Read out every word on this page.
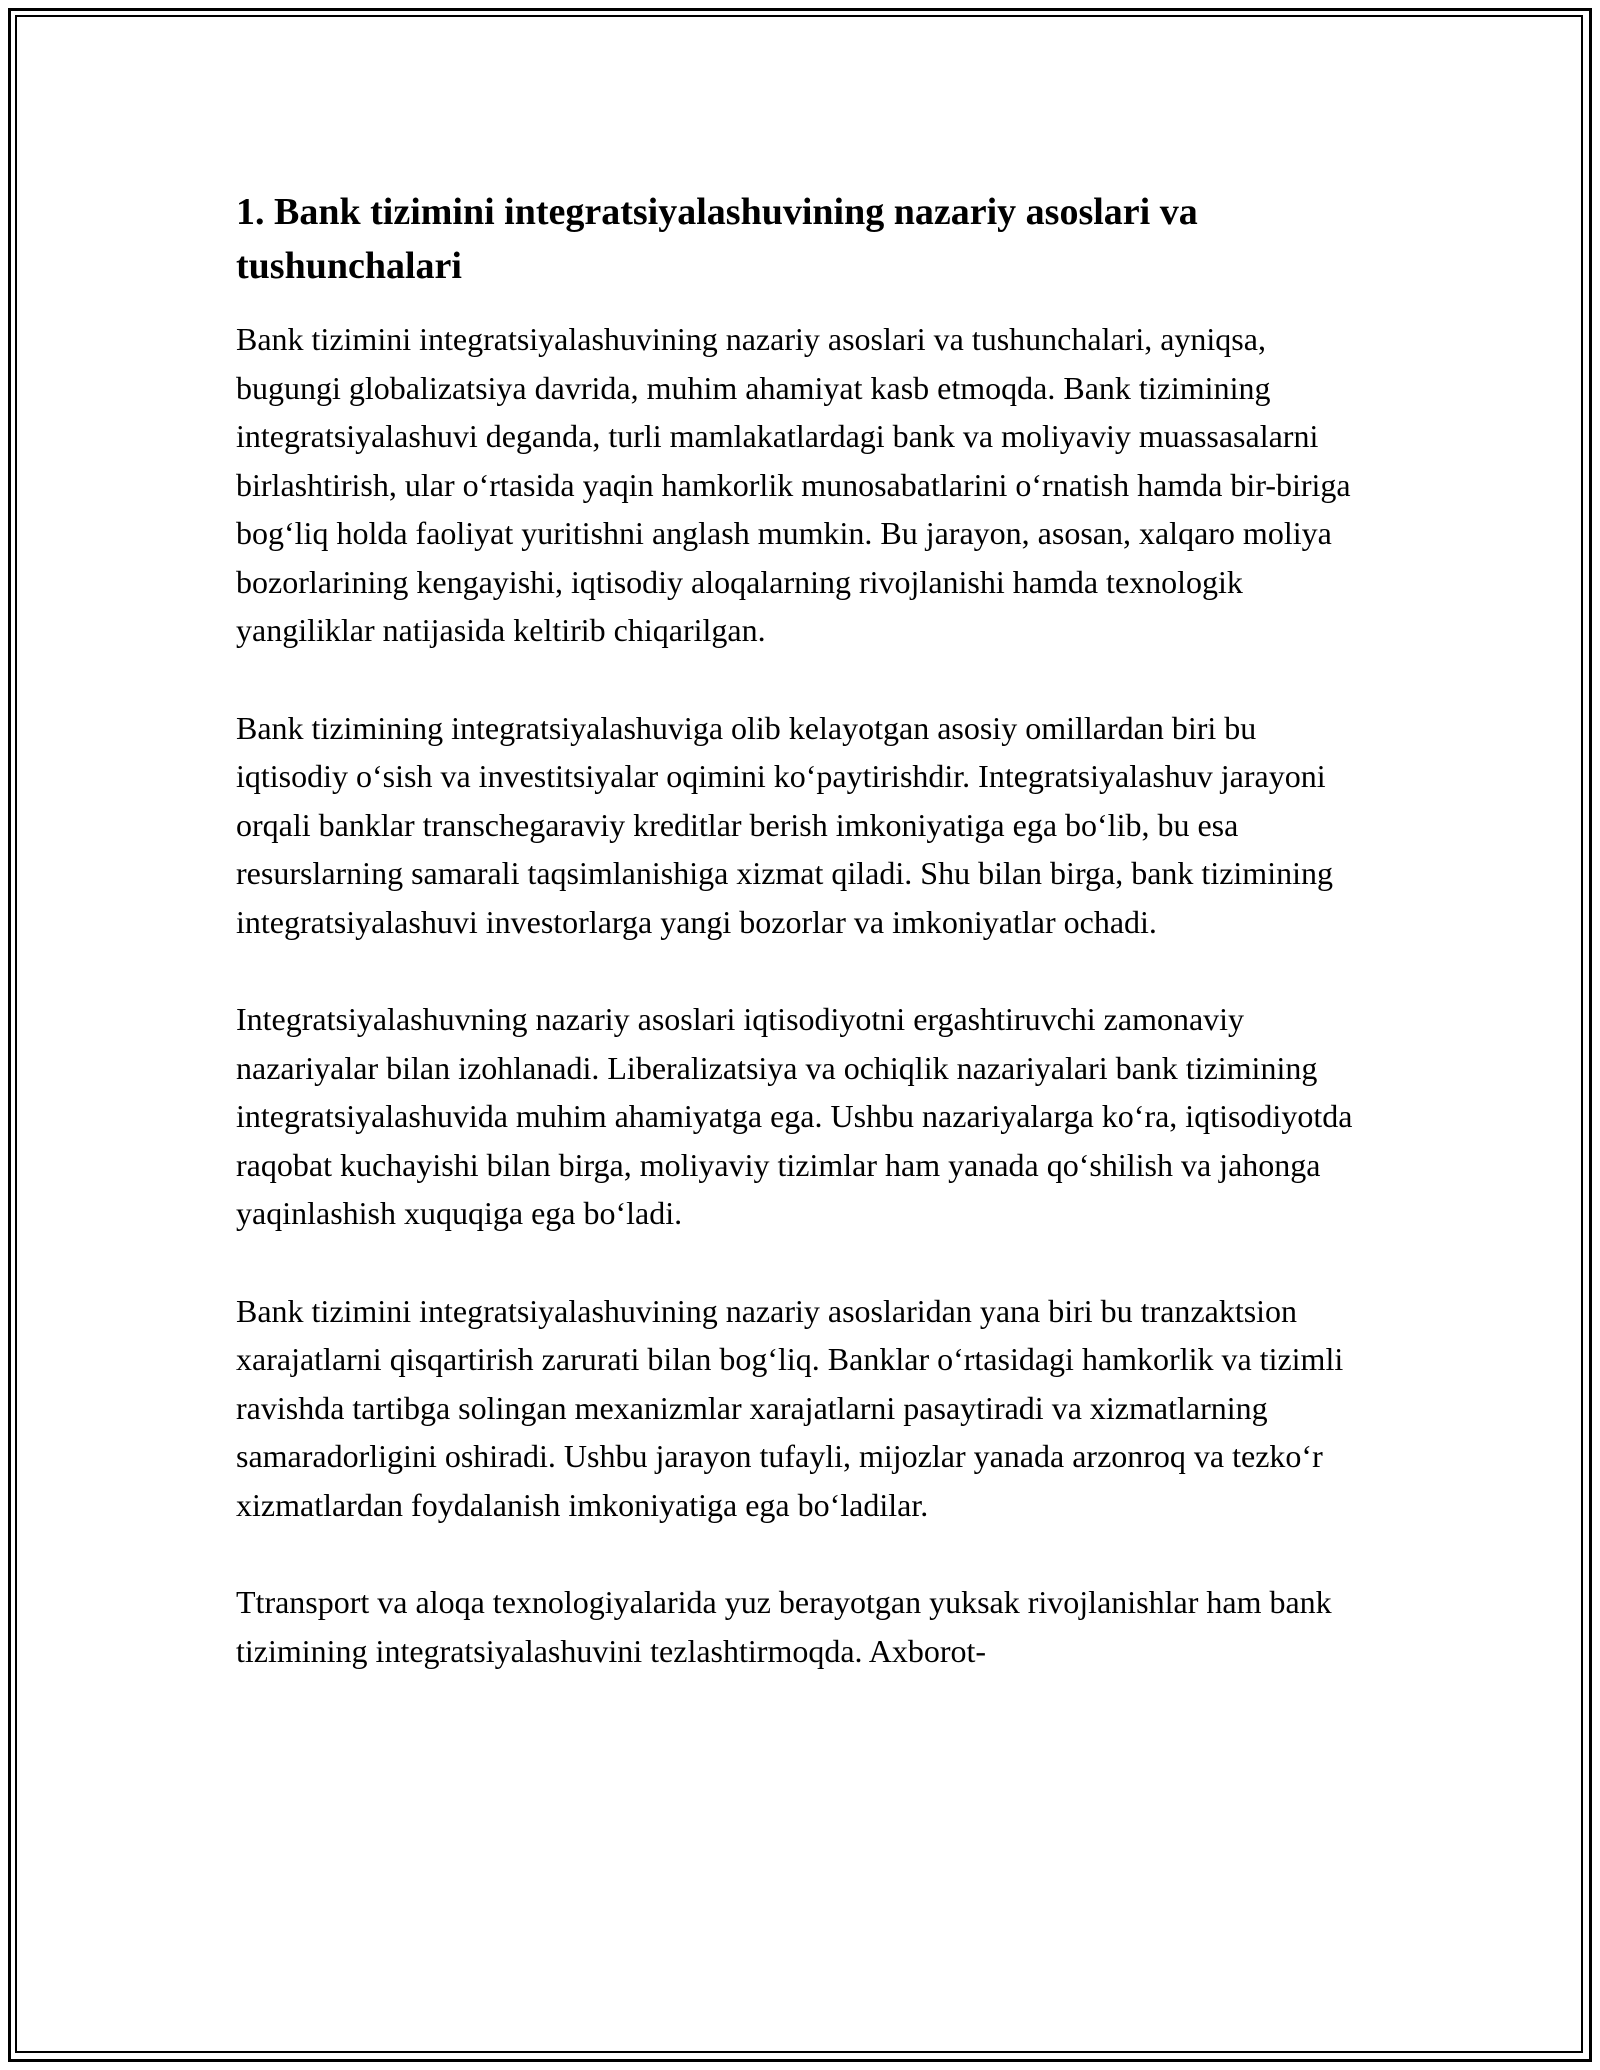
1. Bank tizimini integratsiyalashuvining nazariy asoslari va tushunchalari

Bank tizimini integratsiyalashuvining nazariy asoslari va tushunchalari, ayniqsa, bugungi globalizatsiya davrida, muhim ahamiyat kasb etmoqda. Bank tizimining integratsiyalashuvi deganda, turli mamlakatlardagi bank va moliyaviy muassasalarni birlashtirish, ular o‘rtasida yaqin hamkorlik munosabatlarini o‘rnatish hamda bir-biriga bog‘liq holda faoliyat yuritishni anglash mumkin. Bu jarayon, asosan, xalqaro moliya bozorlarining kengayishi, iqtisodiy aloqalarning rivojlanishi hamda texnologik yangiliklar natijasida keltirib chiqarilgan.

Bank tizimining integratsiyalashuviga olib kelayotgan asosiy omillardan biri bu iqtisodiy o‘sish va investitsiyalar oqimini ko‘paytirishdir. Integratsiyalashuv jarayoni orqali banklar transchegaraviy kreditlar berish imkoniyatiga ega bo‘lib, bu esa resurslarning samarali taqsimlanishiga xizmat qiladi. Shu bilan birga, bank tizimining integratsiyalashuvi investorlarga yangi bozorlar va imkoniyatlar ochadi.

Integratsiyalashuvning nazariy asoslari iqtisodiyotni ergashtiruvchi zamonaviy nazariyalar bilan izohlanadi. Liberalizatsiya va ochiqlik nazariyalari bank tizimining integratsiyalashuvida muhim ahamiyatga ega. Ushbu nazariyalarga ko‘ra, iqtisodiyotda raqobat kuchayishi bilan birga, moliyaviy tizimlar ham yanada qo‘shilish va jahonga yaqinlashish xuquqiga ega bo‘ladi.

Bank tizimini integratsiyalashuvining nazariy asoslaridan yana biri bu tranzaktsion xarajatlarni qisqartirish zarurati bilan bog‘liq. Banklar o‘rtasidagi hamkorlik va tizimli ravishda tartibga solingan mexanizmlar xarajatlarni pasaytiradi va xizmatlarning samaradorligini oshiradi. Ushbu jarayon tufayli, mijozlar yanada arzonroq va tezko‘r xizmatlardan foydalanish imkoniyatiga ega bo‘ladilar.

Ttransport va aloqa texnologiyalarida yuz berayotgan yuksak rivojlanishlar ham bank tizimining integratsiyalashuvini tezlashtirmoqda. Axborot-
